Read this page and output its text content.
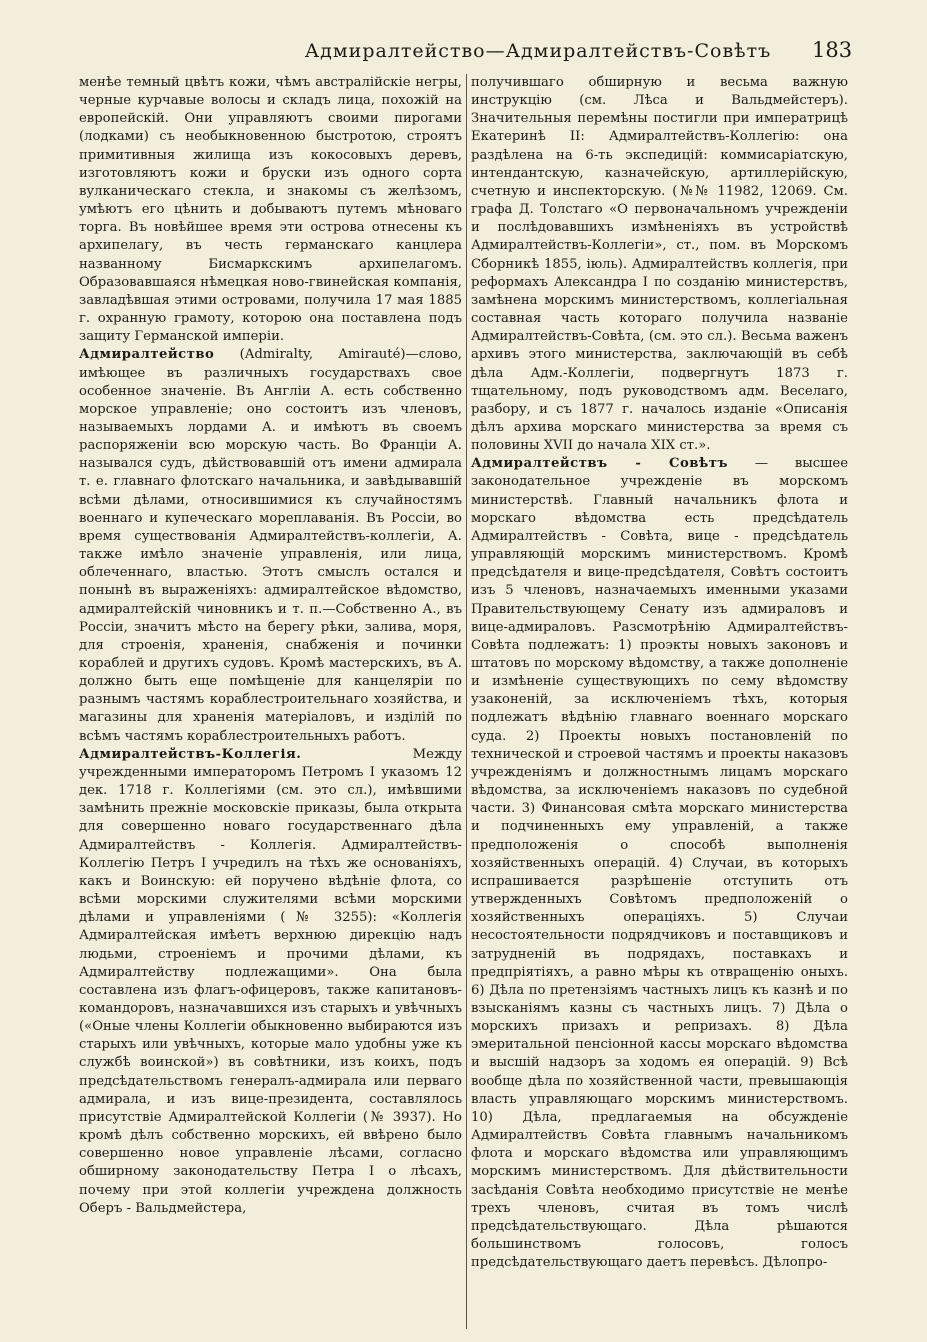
Адмиралтейство—Адмиралтействъ-Совѣтъ	183

менѣе темный цвѣтъ кожи, чѣмъ австралійскіе негры, черные курчавые волосы и складъ лица, похожій на европейскій. Они управляютъ своими пирогами (лодками) съ необыкновенною быстротою, строятъ примитивныя жилища изъ кокосовыхъ деревъ, изготовляютъ кожи и бруски изъ одного сорта вулканическаго стекла, и знакомы съ желѣзомъ, умѣютъ его цѣнить и добываютъ путемъ мѣноваго торга. Въ новѣйшее время эти острова отнесены къ архипелагу, въ честь германскаго канцлера названному Бисмаркскимъ архипелагомъ. Образовавшаяся нѣмецкая ново-гвинейская компанія, завладѣвшая этими островами, получила 17 мая 1885 г. охранную грамоту, которою она поставлена подъ защиту Германской имперіи.

Адмиралтейство (Admiralty, Amirauté)—слово, имѣющее въ различныхъ государствахъ свое особенное значеніе. Въ Англіи А. есть собственно морское управленіе; оно состоитъ изъ членовъ, называемыхъ лордами А. и имѣютъ въ своемъ распоряженіи всю морскую часть. Во Франціи А. назывался судъ, дѣйствовавшій отъ имени адмирала т. е. главнаго флотскаго начальника, и завѣдывавшій всѣми дѣлами, относившимися къ случайностямъ военнаго и купеческаго мореплаванія. Въ Россіи, во время существованія Адмиралтействъ-коллегіи, А. также имѣло значеніе управленія, или лица, облеченнаго, властью. Этотъ смыслъ остался и понынѣ въ выраженіяхъ: адмиралтейское вѣдомство, адмиралтейскій чиновникъ и т. п.—Собственно А., въ Россіи, значитъ мѣсто на берегу рѣки, залива, моря, для строенія, храненія, снабженія и починки кораблей и другихъ судовъ. Кромѣ мастерскихъ, въ А. должно быть еще помѣщеніе для канцеляріи по разнымъ частямъ кораблестроительнаго хозяйства, и магазины для храненія матеріаловъ, и изділій по всѣмъ частямъ кораблестроительныхъ работъ.

Адмиралтействъ-Коллегія. Между учрежденными императоромъ Петромъ I указомъ 12 дек. 1718 г. Коллегіями (см. это сл.), имѣвшими замѣнить прежніе московскіе приказы, была открыта для совершенно новаго государственнаго дѣла Адмиралтействъ - Коллегія. Адмиралтействъ-Коллегію Петръ I учредилъ на тѣхъ же основаніяхъ, какъ и Воинскую: ей поручено вѣдѣніе флота, со всѣми морскими служителями всѣми морскими дѣлами и управленіями (№ 3255): «Коллегія Адмиралтейская имѣетъ верхнюю дирекцію надъ людьми, строеніемъ и прочими дѣлами, къ Адмиралтейству подлежащими». Она была составлена изъ флагъ-офицеровъ, также капитановъ-командоровъ, назначавшихся изъ старыхъ и увѣчныхъ («Оные члены Коллегіи обыкновенно выбираются изъ старыхъ или увѣчныхъ, которые мало удобны уже къ службѣ воинской») въ совѣтники, изъ коихъ, подъ предсѣдательствомъ генералъ-адмирала или перваго адмирала, и изъ вице-президента, составлялось присутствіе Адмиралтейской Коллегіи (№ 3937). Но кромѣ дѣлъ собственно морскихъ, ей ввѣрено было совершенно новое управленіе лѣсами, согласно обширному законодательству Петра I о лѣсахъ, почему при этой коллегіи учреждена должность Оберъ - Вальдмейстера,

получившаго обширную и весьма важную инструкцію (см. Лѣса и Вальдмейстеръ). Значительныя перемѣны постигли при императрицѣ Екатеринѣ II: Адмиралтействъ-Коллегію: она раздѣлена на 6-ть экспедицій: коммисаріатскую, интендантскую, казначейскую, артиллерійскую, счетную и инспекторскую. (№№ 11982, 12069. См. графа Д. Толстаго «О первоначальномъ учрежденіи и послѣдовавшихъ измѣненіяхъ въ устройствѣ Адмиралтействъ-Коллегіи», ст., пом. въ Морскомъ Сборникѣ 1855, іюль). Адмиралтействъ коллегія, при реформахъ Александра I по созданію министерствъ, замѣнена морскимъ министерствомъ, коллегіальная составная часть котораго получила названіе Адмиралтействъ-Совѣта, (см. это сл.). Весьма важенъ архивъ этого министерства, заключающій въ себѣ дѣла Адм.-Коллегіи, подвергнутъ 1873 г. тщательному, подъ руководствомъ адм. Веселаго, разбору, и съ 1877 г. началось изданіе «Описанія дѣлъ архива морскаго министерства за время съ половины XVII до начала XIX ст.».

Адмиралтействъ - Совѣтъ — высшее законодательное учрежденіе въ морскомъ министерствѣ. Главный начальникъ флота и морскаго вѣдомства есть предсѣдатель Адмиралтействъ - Совѣта, вице - предсѣдатель управляющій морскимъ министерствомъ. Кромѣ предсѣдателя и вице-предсѣдателя, Совѣтъ состоитъ изъ 5 членовъ, назначаемыхъ именными указами Правительствующему Сенату изъ адмираловъ и вице-адмираловъ. Разсмотрѣнію Адмиралтействъ-Совѣта подлежатъ: 1) проэкты новыхъ законовъ и штатовъ по морскому вѣдомству, а также дополненіе и измѣненіе существующихъ по сему вѣдомству узаконеній, за исключеніемъ тѣхъ, которыя подлежатъ вѣдѣнію главнаго военнаго морскаго суда. 2) Проекты новыхъ постановленій по технической и строевой частямъ и проекты наказовъ учрежденіямъ и должностнымъ лицамъ морскаго вѣдомства, за исключеніемъ наказовъ по судебной части. 3) Финансовая смѣта морскаго министерства и подчиненныхъ ему управленій, а также предположенія о способѣ выполненія хозяйственныхъ операцій. 4) Случаи, въ которыхъ испрашивается разрѣшеніе отступить отъ утвержденныхъ Совѣтомъ предположеній о хозяйственныхъ операціяхъ. 5) Случаи несостоятельности подрядчиковъ и поставщиковъ и затрудненій въ подрядахъ, поставкахъ и предпріятіяхъ, а равно мѣры къ отвращенію оныхъ. 6) Дѣла по претензіямъ частныхъ лицъ къ казнѣ и по взысканіямъ казны съ частныхъ лицъ. 7) Дѣла о морскихъ призахъ и репризахъ. 8) Дѣла эмеритальной пенсіонной кассы морскаго вѣдомства и высшій надзоръ за ходомъ ея операцій. 9) Всѣ вообще дѣла по хозяйственной части, превышающія власть управляющаго морскимъ министерствомъ. 10) Дѣла, предлагаемыя на обсужденіе Адмиралтействъ Совѣта главнымъ начальникомъ флота и морскаго вѣдомства или управляющимъ морскимъ министерствомъ. Для дѣйствительности засѣданія Совѣта необходимо присутствіе не менѣе трехъ членовъ, считая въ томъ числѣ предсѣдательствующаго. Дѣла рѣшаются большинствомъ голосовъ, голосъ предсѣдательствующаго даетъ перевѣсъ. Дѣлопро-
